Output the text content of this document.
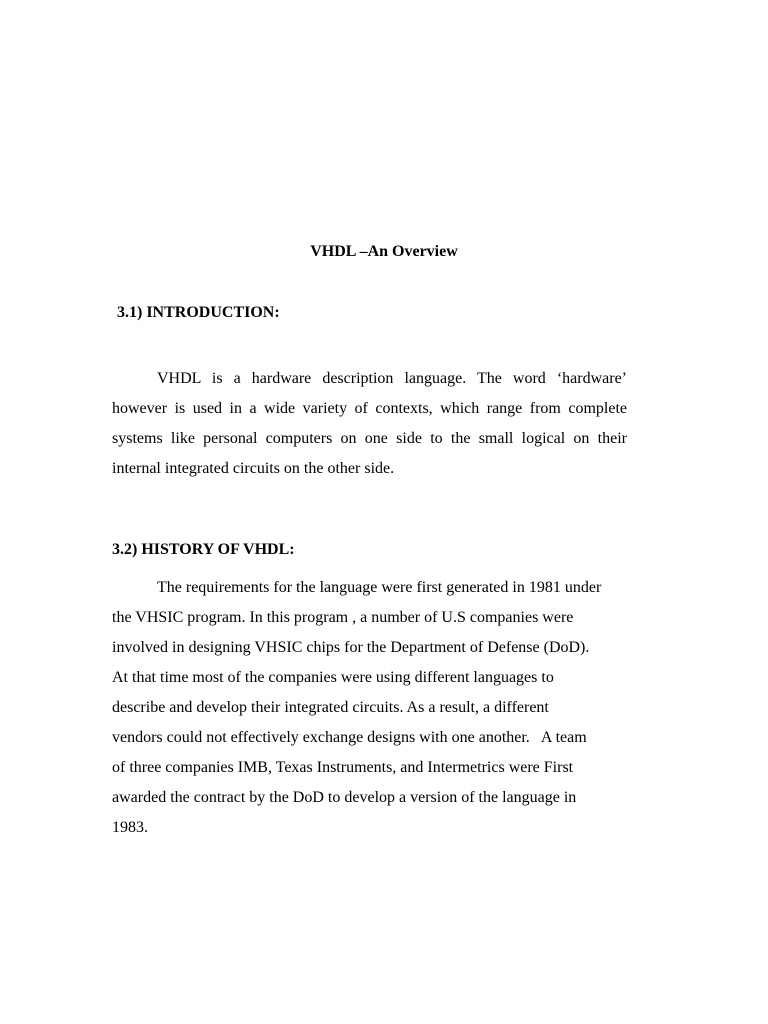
VHDL –An Overview
3.1) INTRODUCTION:

VHDL is a hardware description language. The word ‘hardware’
however is used in a wide variety of contexts, which range from complete
systems like personal computers on one side to the small logical on their
internal integrated circuits on the other side.

3.2) HISTORY OF VHDL:

The requirements for the language were first generated in 1981 under
the VHSIC program. In this program , a number of U.S companies were
involved in designing VHSIC chips for the Department of Defense (DoD).
At that time most of the companies were using different languages to
describe and develop their integrated circuits. As a result, a different
vendors could not effectively exchange designs with one another.   A team
of three companies IMB, Texas Instruments, and Intermetrics were First
awarded the contract by the DoD to develop a version of the language in
1983.
